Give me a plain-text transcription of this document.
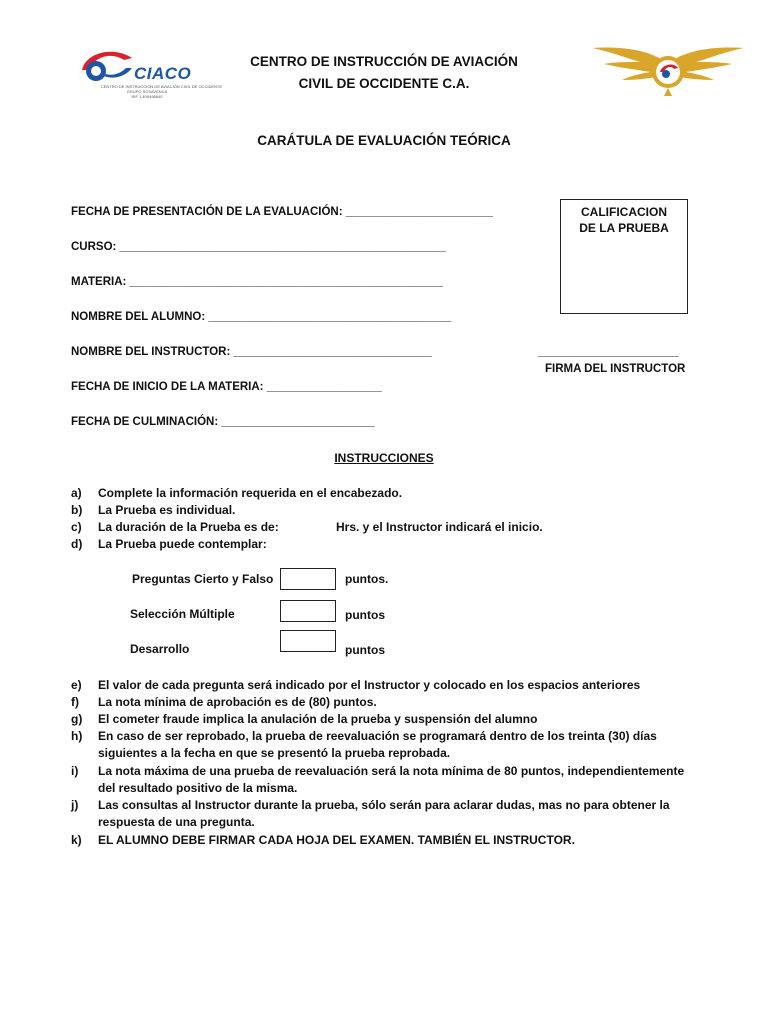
CIACO
CENTRO DE INSTRUCCIÓN DE AVIACIÓN CIVIL DE OCCIDENTE
GRUPO SOSAVENCA
RIF J-409498640
CENTRO DE INSTRUCCIÓN DE AVIACIÓN
CIVIL DE OCCIDENTE C.A.
CARÁTULA DE EVALUACIÓN TEÓRICA
FECHA DE PRESENTACIÓN DE LA EVALUACIÓN: _______________________
CURSO: ___________________________________________________
MATERIA: _________________________________________________
NOMBRE DEL ALUMNO: ______________________________________
NOMBRE DEL INSTRUCTOR: _______________________________
FECHA DE INICIO DE LA MATERIA: __________________
FECHA DE CULMINACIÓN: ________________________
CALIFICACION
DE LA PRUEBA
______________________
FIRMA DEL INSTRUCTOR
INSTRUCCIONES
a)	Complete la información requerida en el encabezado.
b)	La Prueba es individual.
c)	La duración de la Prueba es de:	Hrs. y el Instructor indicará el inicio.
d)	La Prueba puede contemplar:
Preguntas Cierto y Falso	puntos.
Selección Múltiple	puntos
Desarrollo	puntos
e)	El valor de cada pregunta será indicado por el Instructor y colocado en los espacios anteriores
f)	La nota mínima de aprobación es de (80) puntos.
g)	El cometer fraude implica la anulación de la prueba y suspensión del alumno
h)	En caso de ser reprobado, la prueba de reevaluación se programará dentro de los treinta (30) días siguientes a la fecha en que se presentó la prueba reprobada.
i)	La nota máxima de una prueba de reevaluación será la nota mínima de 80 puntos, independientemente del resultado positivo de la misma.
j)	Las consultas al Instructor durante la prueba, sólo serán para aclarar dudas, mas no para obtener la respuesta de una pregunta.
k)	EL ALUMNO DEBE FIRMAR CADA HOJA DEL EXAMEN. TAMBIÉN EL INSTRUCTOR.
